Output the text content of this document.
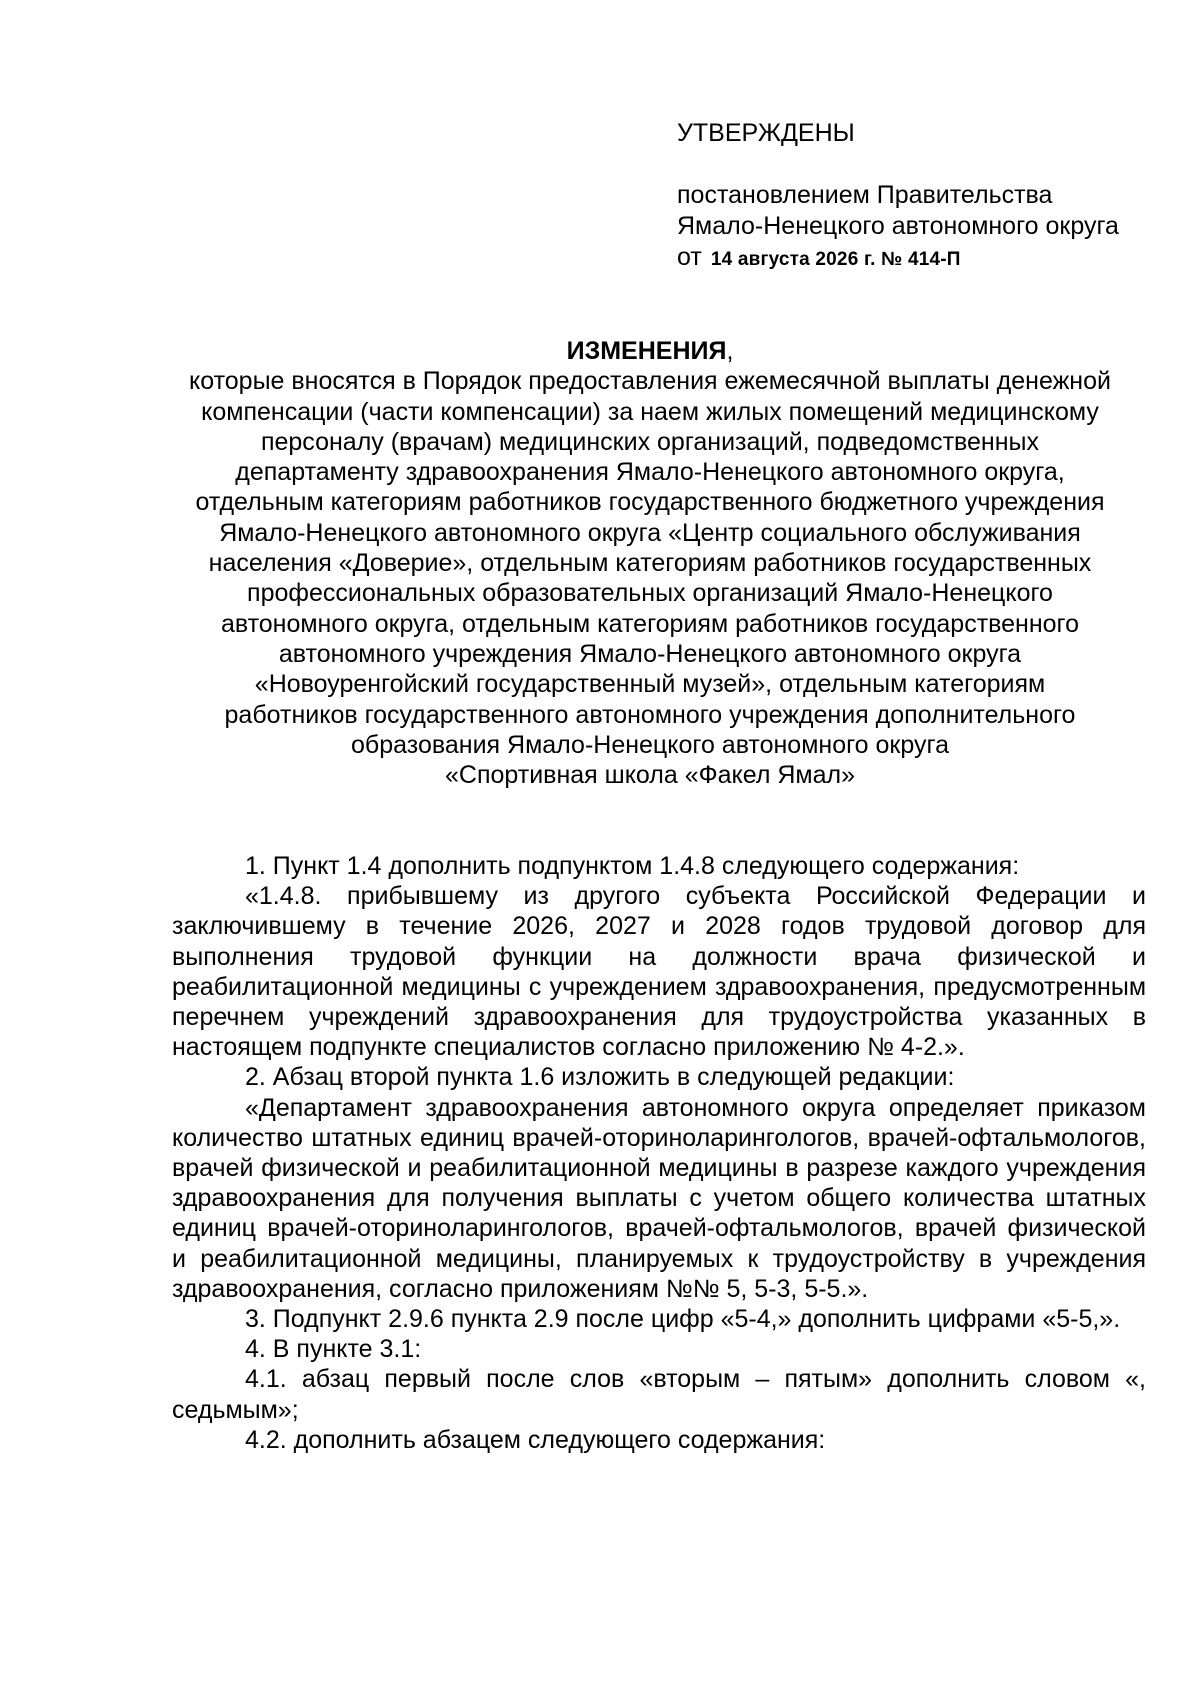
УТВЕРЖДЕНЫ
постановлением Правительства
Ямало-Ненецкого автономного округа
от 14 августа 2026 г. № 414-П
ИЗМЕНЕНИЯ,
которые вносятся в Порядок предоставления ежемесячной выплаты денежной
компенсации (части компенсации) за наем жилых помещений медицинскому
персоналу (врачам) медицинских организаций, подведомственных
департаменту здравоохранения Ямало-Ненецкого автономного округа,
отдельным категориям работников государственного бюджетного учреждения
Ямало-Ненецкого автономного округа «Центр социального обслуживания
населения «Доверие», отдельным категориям работников государственных
профессиональных образовательных организаций Ямало-Ненецкого
автономного округа, отдельным категориям работников государственного
автономного учреждения Ямало-Ненецкого автономного округа
«Новоуренгойский государственный музей», отдельным категориям
работников государственного автономного учреждения дополнительного
образования Ямало-Ненецкого автономного округа
«Спортивная школа «Факел Ямал»

1. Пункт 1.4 дополнить подпунктом 1.4.8 следующего содержания:

«1.4.8. прибывшему из другого субъекта Российской Федерации и заключившему в течение 2026, 2027 и 2028 годов трудовой договор для выполнения трудовой функции на должности врача физической и реабилитационной медицины с учреждением здравоохранения, предусмотренным перечнем учреждений здравоохранения для трудоустройства указанных в настоящем подпункте специалистов согласно приложению № 4-2.».

2. Абзац второй пункта 1.6 изложить в следующей редакции:

«Департамент здравоохранения автономного округа определяет приказом количество штатных единиц врачей-оториноларингологов, врачей-офтальмологов, врачей физической и реабилитационной медицины в разрезе каждого учреждения здравоохранения для получения выплаты с учетом общего количества штатных единиц врачей-оториноларингологов, врачей-офтальмологов, врачей физической и реабилитационной медицины, планируемых к трудоустройству в учреждения здравоохранения, согласно приложениям №№ 5, 5-3, 5-5.».

3. Подпункт 2.9.6 пункта 2.9 после цифр «5-4,» дополнить цифрами «5-5,».

4. В пункте 3.1:

4.1. абзац первый после слов «вторым – пятым» дополнить словом «, седьмым»;

4.2. дополнить абзацем следующего содержания:
